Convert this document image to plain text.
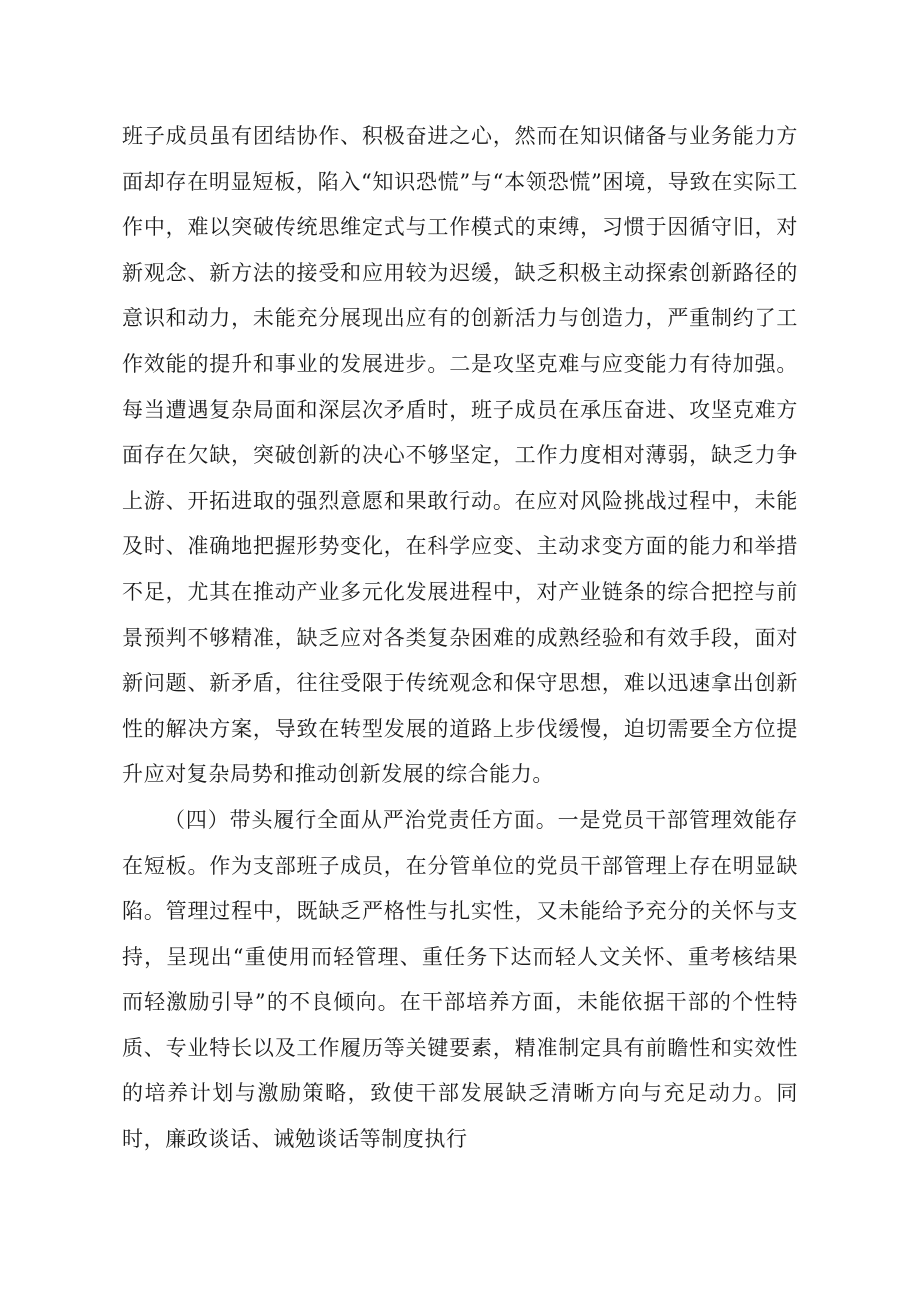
班子成员虽有团结协作、积极奋进之心，然而在知识储备与业务能力方面却存在明显短板，陷入“知识恐慌”与“本领恐慌”困境，导致在实际工作中，难以突破传统思维定式与工作模式的束缚，习惯于因循守旧，对新观念、新方法的接受和应用较为迟缓，缺乏积极主动探索创新路径的意识和动力，未能充分展现出应有的创新活力与创造力，严重制约了工作效能的提升和事业的发展进步。二是攻坚克难与应变能力有待加强。每当遭遇复杂局面和深层次矛盾时，班子成员在承压奋进、攻坚克难方面存在欠缺，突破创新的决心不够坚定，工作力度相对薄弱，缺乏力争上游、开拓进取的强烈意愿和果敢行动。在应对风险挑战过程中，未能及时、准确地把握形势变化，在科学应变、主动求变方面的能力和举措不足，尤其在推动产业多元化发展进程中，对产业链条的综合把控与前景预判不够精准，缺乏应对各类复杂困难的成熟经验和有效手段，面对新问题、新矛盾，往往受限于传统观念和保守思想，难以迅速拿出创新性的解决方案，导致在转型发展的道路上步伐缓慢，迫切需要全方位提升应对复杂局势和推动创新发展的综合能力。

（四）带头履行全面从严治党责任方面。一是党员干部管理效能存在短板。作为支部班子成员，在分管单位的党员干部管理上存在明显缺陷。管理过程中，既缺乏严格性与扎实性，又未能给予充分的关怀与支持，呈现出“重使用而轻管理、重任务下达而轻人文关怀、重考核结果而轻激励引导”的不良倾向。在干部培养方面，未能依据干部的个性特质、专业特长以及工作履历等关键要素，精准制定具有前瞻性和实效性的培养计划与激励策略，致使干部发展缺乏清晰方向与充足动力。同时，廉政谈话、诫勉谈话等制度执行
